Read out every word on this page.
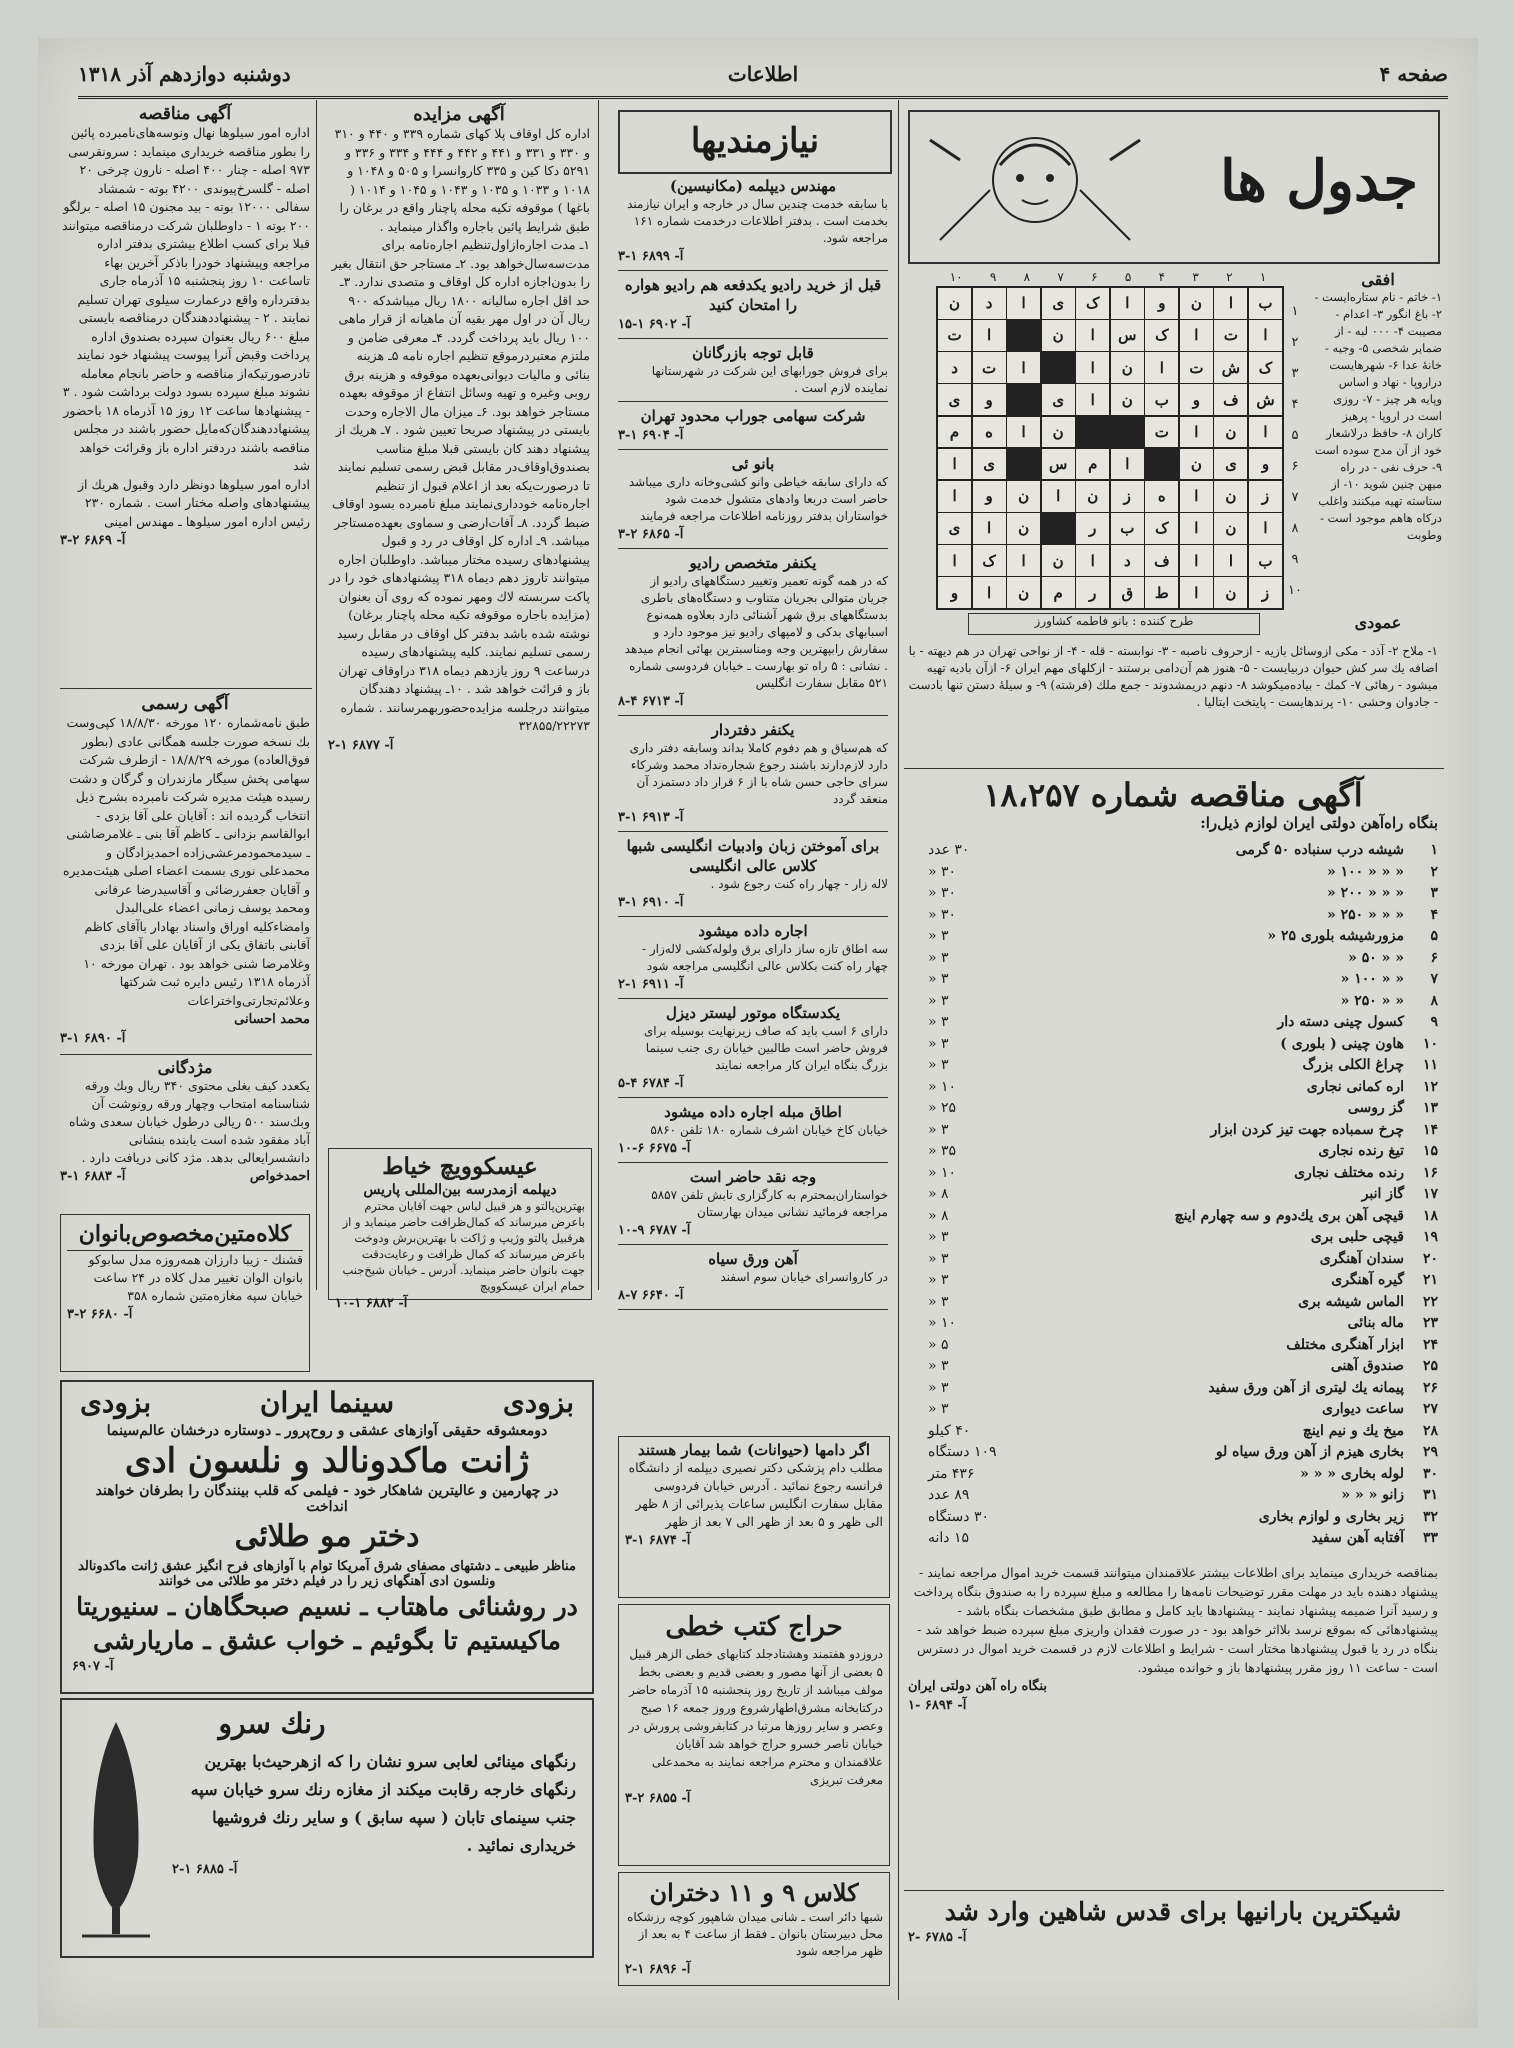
صفحه ۴
اطلاعات
دوشنبه دوازدهم آذر ۱۳۱۸
جدول ها
۱
۲
۳
۴
۵
۶
۷
۸
۹
۱۰
ب
ا
ن
و
ا
ک
ی
ا
د
ن
ا
ت
ا
ک
س
ا
ن
ا
ت
ک
ش
ت
ا
ن
ا
ا
ت
د
ش
ف
و
ب
ن
ا
ی
و
ی
ا
ن
ا
ت
ن
ا
ه
م
و
ی
ن
ا
م
س
ی
ا
ز
ن
ا
ه
ز
ن
ا
ن
و
ا
ا
ن
ا
ک
ب
ر
ن
ا
ی
ب
ا
ا
ف
د
ا
ن
ا
ک
ا
ز
ن
ا
ط
ق
ر
م
ن
ا
و
۱
۲
۳
۴
۵
۶
۷
۸
۹
۱۰
افقی

۱- خاتم - نام ستاره‌ایست - ۲- باغ انگور ۳- اعدام - مصیبت ۴- ۰۰۰ لبه - از ضمایر شخصی ۵- وجیه - خانهٔ عدا ۶- شهرهایست دراروپا - نهاد و اساس وپایه هر چیز - ۷- روزی است در اروپا - پرهیز کاران ۸- حافظ درلاشعار خود از آن مدح سوده است ۹- حرف نفی - در راه میهن چنین شوید ۱۰- از ستاسته تهیه میکنند واغلب درکاه هاهم موجود است - وطوبت

عمودی
طرح کننده : بانو فاطمه کشاورز

۱- ملاح ۲- آذد - مکی ازوسائل بازیه - ازحروف ناصبه - ۳- نوابسته - قله - ۴- از نواحی تهران در هم دیهته - با اضافه یك سر كش حیوان دربیایست - ۵- هنوز هم آن‌دامی برستند - ازکلهای مهم ایران ۶- از‌آن بادیه تهیه میشود - رهائی ۷- کمك - بیاده‌میکوشد ۸- دنهم دریمشدوند - جمع ملك (فرشته) ۹- و سیلهٔ دستن تنها بادست - جادوان وحشی ۱۰- پرندهایست - پایتخت ایتالیا .

آگهی مناقصه شماره ۱۸،۲۵۷

بنگاه راه‌آهن دولتی ایران لوازم ذیل‌را:

۱
شیشه درب سنباده ۵۰ گرمی
۳۰ عدد
۲
« « « ۱۰۰ «
۳۰ «
۳
« « « ۲۰۰ «
۳۰ «
۴
« « « ۲۵۰ «
۳۰ «
۵
مزورشیشه بلوری ۲۵ «
۳ «
۶
« « ۵۰ «
۳ «
۷
« « ۱۰۰ «
۳ «
۸
« « ۲۵۰ «
۳ «
۹
کسول چینی دسته دار
۳ «
۱۰
هاون چینی ( بلوری )
۳ «
۱۱
چراغ الکلی بزرگ
۳ «
۱۲
اره کمانی نجاری
۱۰ «
۱۳
گز روسی
۲۵ «
۱۴
چرخ سمباده جهت تیز کردن ابزار
۳ «
۱۵
تیغ رنده نجاری
۳۵ «
۱۶
رنده مختلف نجاری
۱۰ «
۱۷
گاز انبر
۸ «
۱۸
قیچی آهن بری یك‌دوم و سه چهارم اینچ
۸ «
۱۹
قیچی حلبی بری
۳ «
۲۰
سندان آهنگری
۳ «
۲۱
گیره آهنگری
۳ «
۲۲
الماس شیشه بری
۳ «
۲۳
ماله بنائی
۱۰ «
۲۴
ابزار آهنگری مختلف
۵ «
۲۵
صندوق آهنی
۳ «
۲۶
پیمانه یك لیتری از آهن ورق سفید
۳ «
۲۷
ساعت دیواری
۳ «
۲۸
میخ یك و نیم اینچ
۴۰ کیلو
۲۹
بخاری هیزم از آهن ورق سیاه لو
۱۰۹ دستگاه
۳۰
لوله بخاری « « «
۴۳۶ متر
۳۱
زانو « « «
۸۹ عدد
۳۲
زیر بخاری و لوازم بخاری
۳۰ دستگاه
۳۳
آفتابه آهن سفید
۱۵ دانه

بمناقصه خریداری مینماید برای اطلاعات بیشتر علاقمندان میتوانند قسمت خرید اموال مراجعه نمایند - پیشنهاد دهنده باید در مهلت مقرر توضیحات نامه‌ها را مطالعه و مبلغ سپرده را به صندوق بنگاه پرداخت و رسید آنرا ضمیمه پیشنهاد نمایند - پیشنهادها باید کامل و مطابق طبق مشخصات بنگاه باشد - پیشنهادهائی که بموقع نرسد بلااثر خواهد بود - در صورت فقدان واریزی مبلغ سپرده ضبط خواهد شد - بنگاه در رد یا قبول پیشنهادها مختار است - شرایط و اطلاعات لازم در قسمت خرید اموال در دسترس است - ساعت ۱۱ روز مقرر پیشنهادها باز و خوانده میشود.

بنگاه راه آهن دولتی ایران

آ- ۶۸۹۴ -۱

شیکترین بارانیها برای قدس شاهین وارد شد

آ- ۶۷۸۵ -۲

نیازمندیها
مهندس دیپلمه (مکانیسین)

با سابقه خدمت چندین سال در خارجه و ایران نیازمند بخدمت است . بدفتر اطلاعات درخدمت شماره ۱۶۱ مراجعه شود.

آ- ۶۸۹۹ ۱-۳

قبل از خرید رادیو یکدفعه هم رادیو هواره را امتحان کنید

آ- ۶۹۰۲ ۱-۱۵

قابل توجه بازرگانان

برای فروش جورابهای این شرکت در شهرستانها نماینده لازم است .

شرکت سهامی جوراب محدود تهران

آ- ۶۹۰۴ ۱-۳

بانو ئی

که دارای سابقه خیاطی وانو کشی‌و‌خانه داری میباشد حاضر است دربعا وادهای متشول خدمت شود خواستاران بدفتر روزنامه اطلاعات مراجعه فرمایند

آ- ۶۸۶۵ ۲-۳

یکنفر متخصص رادیو

که در همه گونه تعمیر وتغییر دستگاههای رادیو از جریان متوالی بجریان متناوب و دستگاه‌های باطری بدستگاههای برق شهر آشنائی دارد بعلاوه همه‌نوع اسبابهای بدکی و لامپهای رادیو نیز موجود دارد و سفارش رابپهترین وجه ومناسبترین بهائی انجام میدهد . نشانی : ۵ راه تو بهارست ـ خیابان فردوسی شماره ۵۲۱ مقابل سفارت انگلیس

آ- ۶۷۱۳ ۴-۸

یکنفر دفتردار

که هم‌سیاق و هم دفوم کاملا بداند وسابقه دفتر داری دارد لازم‌دارند باشند رجوع شجاره‌نداد محمد وشرکاء سرای حاجی حسن شاه با از ۶ قرار داد دستمزد آن منعقد گردد

آ- ۶۹۱۳ ۱-۳

برای آموختن زبان وادبیات انگلیسی شبها کلاس عالی انگلیسی

لاله زار - چهار راه کنت رجوع شود .

آ- ۶۹۱۰ ۱-۳

اجاره داده میشود

سه اطاق تازه ساز دارای برق ولوله‌کشی لاله‌زار - چهار راه کنت بکلاس عالی انگلیسی مراجعه شود

آ- ۶۹۱۱ ۱-۲

یکدستگاه موتور لیستر دیزل

دارای ۶ اسب باید که صاف زیرنهایت بوسیله برای فروش حاضر است طالبین خیابان ری جنب سینما بزرگ بنگاه ایران کار مراجعه نمایند

آ- ۶۷۸۴ ۴-۵

اطاق مبله اجاره داده میشود

خیابان کاخ خیابان اشرف شماره ۱۸۰ تلفن ۵۸۶۰

آ- ۶۶۷۵ ۶-۱۰

وجه نقد حاضر است

خواستاران‌بمحترم به کارگزاری تابش تلفن ۵۸۵۷ مراجعه فرمائید نشانی میدان بهارستان

آ- ۶۷۸۷ ۹-۱۰

آهن ورق سیاه

در کاروانسرای خیابان سوم اسفند

آ- ۶۶۴۰ ۷-۸

اگر دامها (حیوانات) شما بیمار هستند

مطلب دام پزشکی دکتر نصیری دیپلمه از دانشگاه فرانسه رجوع نمائید . آدرس خیابان فردوسی مقابل سفارت انگلیس ساعات پذیرائی از ۸ ظهر الی ظهر و ۵ بعد از ظهر الی ۷ بعد از ظهر

آ- ۶۸۷۴ ۱-۳

حراج کتب خطی

دروزدو هفتمند وهشتاد‌جلد کتابهای خطی الزهر قبیل ۵ بعضی از آنها مصور و بعضی قدیم و بعضی بخط مولف میباشد از تاریخ روز پنجشنبه ۱۵ آذرماه حاضر درکتابخانه مشرق‌اطهار‌شروع وروز جمعه ۱۶ صبح وعصر و سایر روزها مرتبا در کتابفروشی پرورش در خیابان ناصر خسرو حراج خواهد شد آقایان علاقمندان و محترم مراجعه نمایند به محمدعلی معرفت تبریزی

آ- ۶۸۵۵ ۲-۳

کلاس ۹ و ۱۱ دختران

شبها دائر است ـ شانی میدان شاهپور کوچه رزشکاه محل دبیرستان بانوان ـ فقط از ساعت ۴ به بعد از ظهر مراجعه شود

آ- ۶۸۹۶ ۱-۲

آگهی مزایده

اداره کل اوقاف پلا کهای شماره ۳۳۹ و ۴۴۰ و ۳۱۰ و ۳۳۰ و ۳۳۱ و ۴۴۱ و ۴۴۲ و ۴۴۴ و ۳۳۴ و ۳۳۶ و ۵۲۹۱ دکا کین و ۳۳۵ کاروانسرا و ۵۰۵ و ۱۰۴۸ و ۱۰۱۸ و ۱۰۳۳ و ۱۰۳۵ و ۱۰۴۳ و ۱۰۴۵ و ۱۰۱۴ ( باغها ) موقوفه تکیه محله پاچنار واقع در برغان را طبق شرایط پائین باجاره واگذار مینماید .

۱ـ مدت اجاره‌از‌اول‌تنظیم اجاره‌نامه برای مدت‌سه‌سال‌خواهد بود. ۲ـ مستاجر حق انتقال بغیر را بدون‌اجازه اداره کل اوقاف و متصدی ندارد. ۳ـ حد اقل اجاره سالیانه ۱۸۰۰ ریال میباشدکه ۹۰۰ ریال آن در اول مهر بقیه آن ماهیانه از قرار ماهی ۱۰۰ ریال باید پرداخت گردد. ۴ـ معرفی ضامن و ملتزم معتبر‌در‌موقع تنظیم اجاره نامه ۵ـ هزینه بنائی و مالیات دیوانی‌بعهده موقوفه و هزینه برق روبی وغیره و تهیه وسائل انتفاع از موقوفه بعهده مستاجر خواهد بود. ۶ـ میزان مال الاجاره وحدت بایستی در پیشنهاد صریحا تعیین شود . ۷ـ هریك از پیشنهاد دهند کان بایستی قبلا مبلغ مناسب بصندوق‌اوقاف‌در مقابل قبض رسمی تسلیم نمایند تا درصورت‌یکه بعد از اعلام قبول از تنظیم اجاره‌نامه خودداری‌نمایند مبلغ نامبرده بسود اوقاف ضبط گردد. ۸ـ آفات‌ارضی و سماوی بعهده‌مستاجر میباشد. ۹ـ اداره کل اوقاف در رد و قبول پیشنهادهای رسیده مختار میباشد. داوطلبان اجاره میتوانند تاروز دهم دیماه ۳۱۸ پیشنهادهای خود را در پاکت سربسته لاك ومهر نموده که روی آن بعنوان (مزایده باجاره موقوفه تکیه محله پاچنار برغان) نوشته شده باشد بدفتر کل اوقاف در مقابل رسید رسمی تسلیم نمایند. کلیه پیشنهادهای رسیده درساعت ۹ روز یازدهم دیماه ۳۱۸ دراوقاف تهران باز و قرائت خواهد شد . ۱۰ـ پیشنهاد دهندگان میتوانند درجلسه مزایده‌حضور‌بهمرسانند . شماره ۳۲۸۵۵/۲۲۲۷۳

آ- ۶۸۷۷ ۱-۲

عیسکوویچ خیاط
دیپلمه ازمدرسه بین‌المللی پاریس

بهترین‌پالتو و هر قبیل لباس جهت آقایان محترم باعرض میرساند که کمال‌ظرافت‌ حاضر مینماید و از هرقبیل پالتو وژیپ و ژاکت با بهترین‌برش ودوخت باعرض میرساند که کمال ظرافت و رعایت‌دقت‌ جهت بانوان حاضر مینماید. آدرس ـ خیابان شیخ‌جنب حمام ایران عیسکوویچ

آ- ۶۸۸۲ ۱-۱۰

آگهی مناقصه

اداره امور سیلوها نهال ونوسه‌های‌نامبرده پائین را بطور مناقصه خریداری مینماید : سرو‌نقرسی ۹۷۳ اصله - چنار ۴۰۰ اصله - نارون چرخی ۲۰ اصله - گلسرخ‌پیوندی ۴۲۰۰ بوته - شمشاد سفالی ۱۲۰۰۰ بوته - بید مجنون ۱۵ اصله - برلگو ۲۰۰ بوته ۱ - داوطلبان شرکت درمناقصه میتوانند قبلا برای کسب اطلاع بیشتری بدفتر اداره مراجعه وپیشنهاد خودرا باذکر آخرین بهاء تاساعت ۱۰ روز پنجشنبه ۱۵ آذرماه جاری بدفترداره واقع درعمارت سیلوی تهران تسلیم نمایند . ۲ - پیشنهاددهندگان درمناقصه بایستی مبلغ ۶۰۰ ریال بعنوان سپرده بصندوق اداره پرداخت وقبض آنرا پیوست پیشنهاد خود نمایند تادرصورتیکه‌از مناقصه و حاضر بانجام معامله نشوند مبلغ سپرده بسود دولت برداشت شود . ۳ - پیشنهادها ساعت ۱۲ روز ۱۵ آذرماه ۱۸ باحضور پیشنهاددهندگان‌که‌مایل حضور باشند در مجلس مناقصه باشند دردفتر اداره باز وقرائت خواهد شد

اداره امور سیلوها دونظر دارد وقبول هریك از پیشنهادهای واصله مختار است . شماره ۲۳۰ رئیس اداره امور سیلوها ـ مهندس امینی

آ- ۶۸۶۹ ۲-۳

آگهی رسمی

طبق نامه‌شماره ۱۲۰ مورخه ۱۸/۸/۳۰ کپی‌وست بك نسخه صورت جلسه همگانی عادی (بطور فوق‌العاده) مورخه ۱۸/۸/۲۹ - ازطرف شرکت سهامی پخش سیگار مازندران و گرگان و دشت رسیده هیئت مدیره شرکت نامبرده بشرح ذیل انتخاب گردیده اند : آقایان علی آقا بزدی - ابوالقاسم بزدانی ـ کاظم آقا بنی ـ غلامرضا‌شنی ـ سیدمحمودمرعشی‌زاده احمدیزادگان و محمدعلی نوری بسمت اعضاء اصلی هیئت‌مدیره و آقایان جعفررضائی و آقاسید‌رضا عرفانی ومحمد یوسف زمانی اعضاء علی‌البدل وامضاءکلیه اوراق واسناد بهادار باآقای کاظم آقابنی باتفاق یکی از آقایان علی آقا بزدی وغلامرضا‌ شنی خواهد بود . تهران مورخه ۱۰ آذرماه ۱۳۱۸ رئیس دایره ثبت شرکتها وعلائم‌تجارتی‌واختراعات

محمد احسانی

آ- ۶۸۹۰ ۱-۳

مژدگانی

یکعدد کیف بغلی محتوی ۳۴۰ ریال وبك ورقه شناسنامه امتحاب وچهار ورقه رونوشت آن وبك‌سند ۵۰۰ ریالی درطول خیابان سعدی وشاه آباد مفقود شده است یابنده بنشانی دانشسرایعالی بدهد. مژد کانی دریافت دارد .

احمدخواص
آ- ۶۸۸۳ ۱-۳
کلاه‌متین‌مخصوص‌بانوان

قشنك - زیبا دارزان همه‌روزه مدل سابوکو بانوان الوان تغییر مدل کلاه در ۲۴ ساعت خیابان سپه مغازه‌متین شماره ۳۵۸

آ- ۶۶۸۰ ۲-۳

بزودی
سینما ایران
بزودی

دومعشوقه حقیقی آوازهای عشقی و روح‌پرور ـ دوستاره درخشان عالم‌سینما

ژانت ماکدونالد و نلسون ادی

در چهارمین و عالیترین شاهکار خود - فیلمی که قلب بینندگان را بطرفان خواهند انداخت

دختر مو طلائی

مناظر طبیعی ـ دشتهای مصفای شرق آمریکا توام با آوازهای فرح انگیز عشق ژانت ماکدونالد ونلسون ادی آهنگهای زیر را در فیلم دختر مو طلائی می خوانند

در روشنائی ماهتاب ـ نسیم صبحگاهان ـ سنیوریتا
ماکیستیم تا بگوئیم ـ خواب عشق ـ ماریارشی

آ- ۶۹۰۷

رنك سرو

رنگهای مینائی لعابی سرو نشان را که ازهرحیث‌با بهترین رنگهای خارجه رقابت میکند از مغازه رنك سرو خیابان سپه جنب سینمای تابان ( سپه سابق ) و سایر رنك فروشیها خریداری نمائید .

آ- ۶۸۸۵ ۱-۲
